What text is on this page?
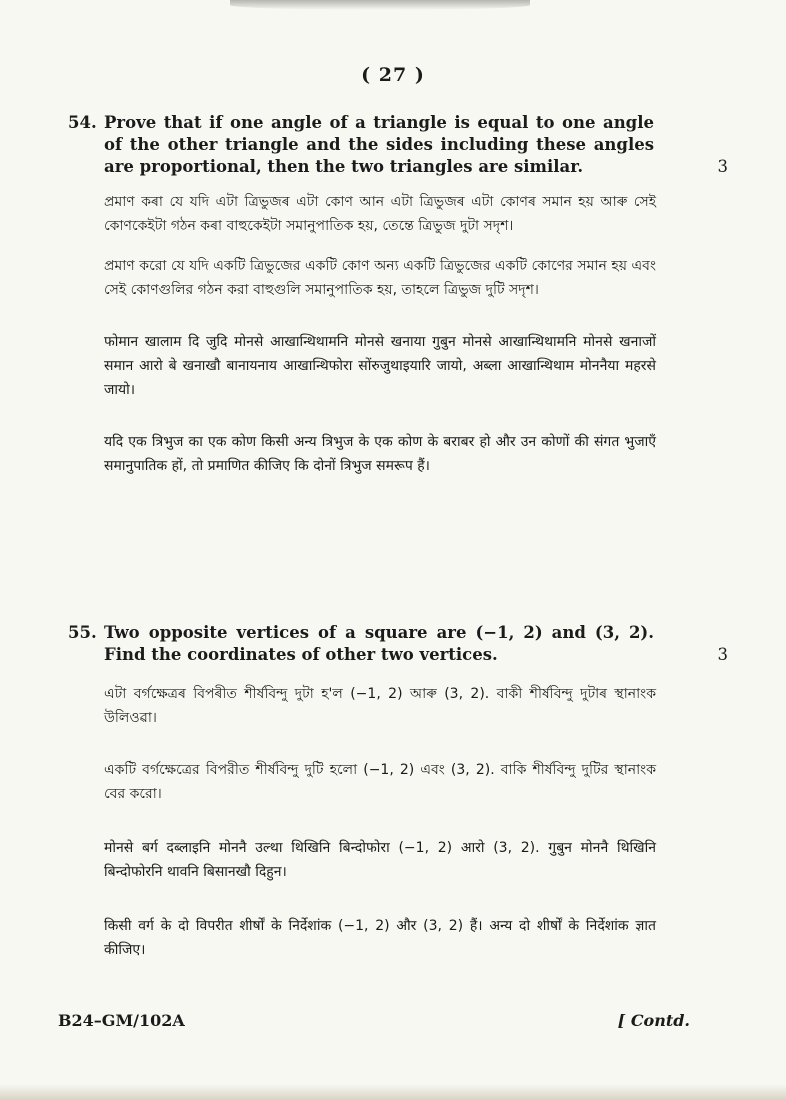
( 27 )
54. Prove that if one angle of a triangle is equal to one angle of the other triangle and the sides including these angles are proportional, then the two triangles are similar.	3
প্ৰমাণ কৰা যে যদি এটা ত্ৰিভুজৰ এটা কোণ আন এটা ত্ৰিভুজৰ এটা কোণৰ সমান হয় আৰু সেই কোণকেইটা গঠন কৰা বাহুকেইটা সমানুপাতিক হয়, তেন্তে ত্ৰিভুজ দুটা সদৃশ।
প্রমাণ করো যে যদি একটি ত্রিভুজের একটি কোণ অন্য একটি ত্রিভুজের একটি কোণের সমান হয় এবং সেই কোণগুলির গঠন করা বাহুগুলি সমানুপাতিক হয়, তাহলে ত্রিভুজ দুটি সদৃশ।
फोमान खालाम दि जुदि मोनसे आखान्थिथामनि मोनसे खनाया गुबुन मोनसे आखान्थिथामनि मोनसे खनाजों समान आरो बे खनाखौ बानायनाय आखान्थिफोरा सोंरुजुथाइयारि जायो, अब्ला आखान्थिथाम मोननैया महरसे जायो।
यदि एक त्रिभुज का एक कोण किसी अन्य त्रिभुज के एक कोण के बराबर हो और उन कोणों की संगत भुजाएँ समानुपातिक हों, तो प्रमाणित कीजिए कि दोनों त्रिभुज समरूप हैं।
55. Two opposite vertices of a square are (−1, 2) and (3, 2). Find the coordinates of other two vertices.	3
এটা বৰ্গক্ষেত্ৰৰ বিপৰীত শীৰ্ষবিন্দু দুটা হ'ল (−1, 2) আৰু (3, 2). বাকী শীৰ্ষবিন্দু দুটাৰ স্থানাংক উলিওৱা।
একটি বর্গক্ষেত্রের বিপরীত শীর্ষবিন্দু দুটি হলো (−1, 2) এবং (3, 2). বাকি শীর্ষবিন্দু দুটির স্থানাংক বের করো।
मोनसे बर्ग दब्लाइनि मोननै उल्था थिखिनि बिन्दोफोरा (−1, 2) आरो (3, 2). गुबुन मोननै थिखिनि बिन्दोफोरनि थावनि बिसानखौ दिहुन।
किसी वर्ग के दो विपरीत शीर्षों के निर्देशांक (−1, 2) और (3, 2) हैं। अन्य दो शीर्षों के निर्देशांक ज्ञात कीजिए।
B24–GM/102A	[ Contd.
